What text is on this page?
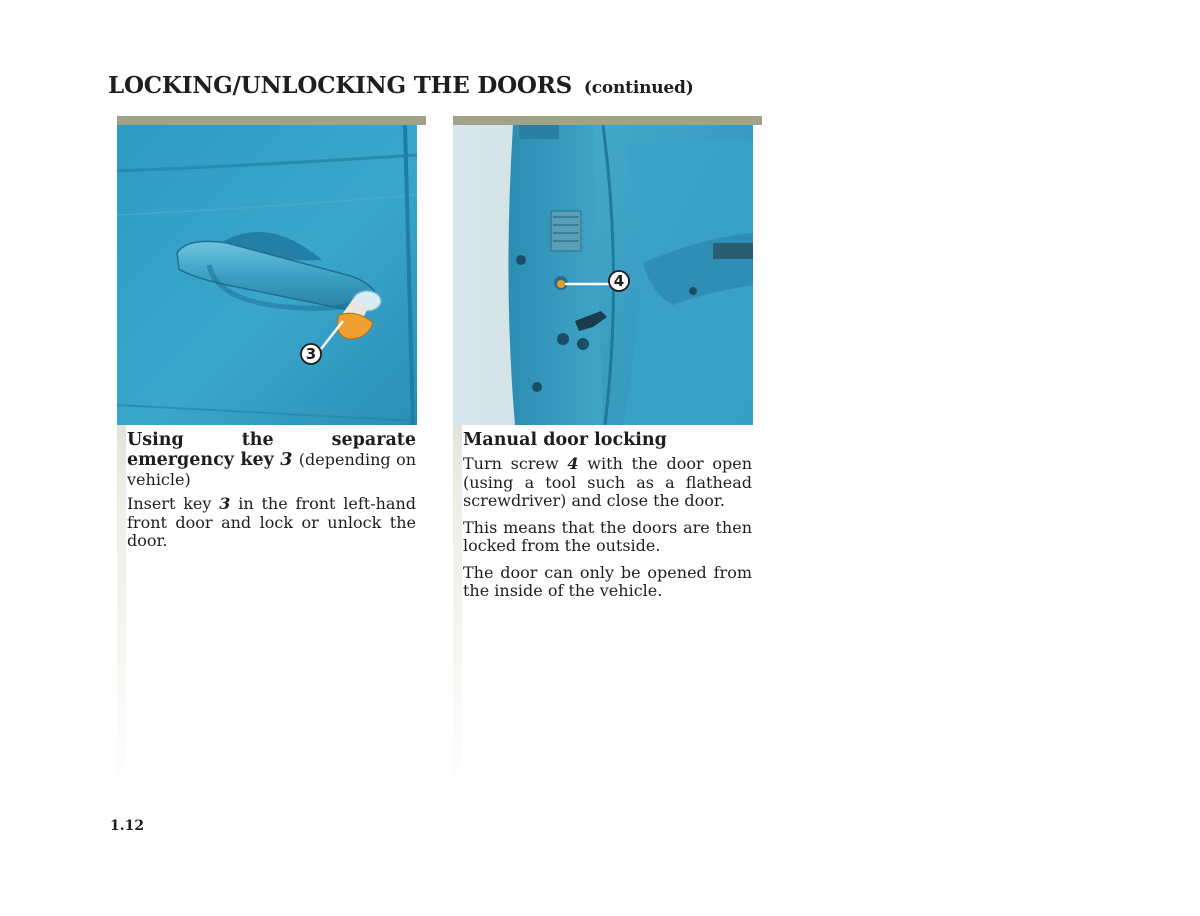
LOCKING/UNLOCKING THE DOORS (continued)
3
Using the separate emergency key 3 (depending on vehicle)
Insert key 3 in the front left-hand front door and lock or unlock the door.
4
Manual door locking
Turn screw 4 with the door open (using a tool such as a flathead screwdriver) and close the door.
This means that the doors are then locked from the outside.
The door can only be opened from the inside of the vehicle.
1.12
